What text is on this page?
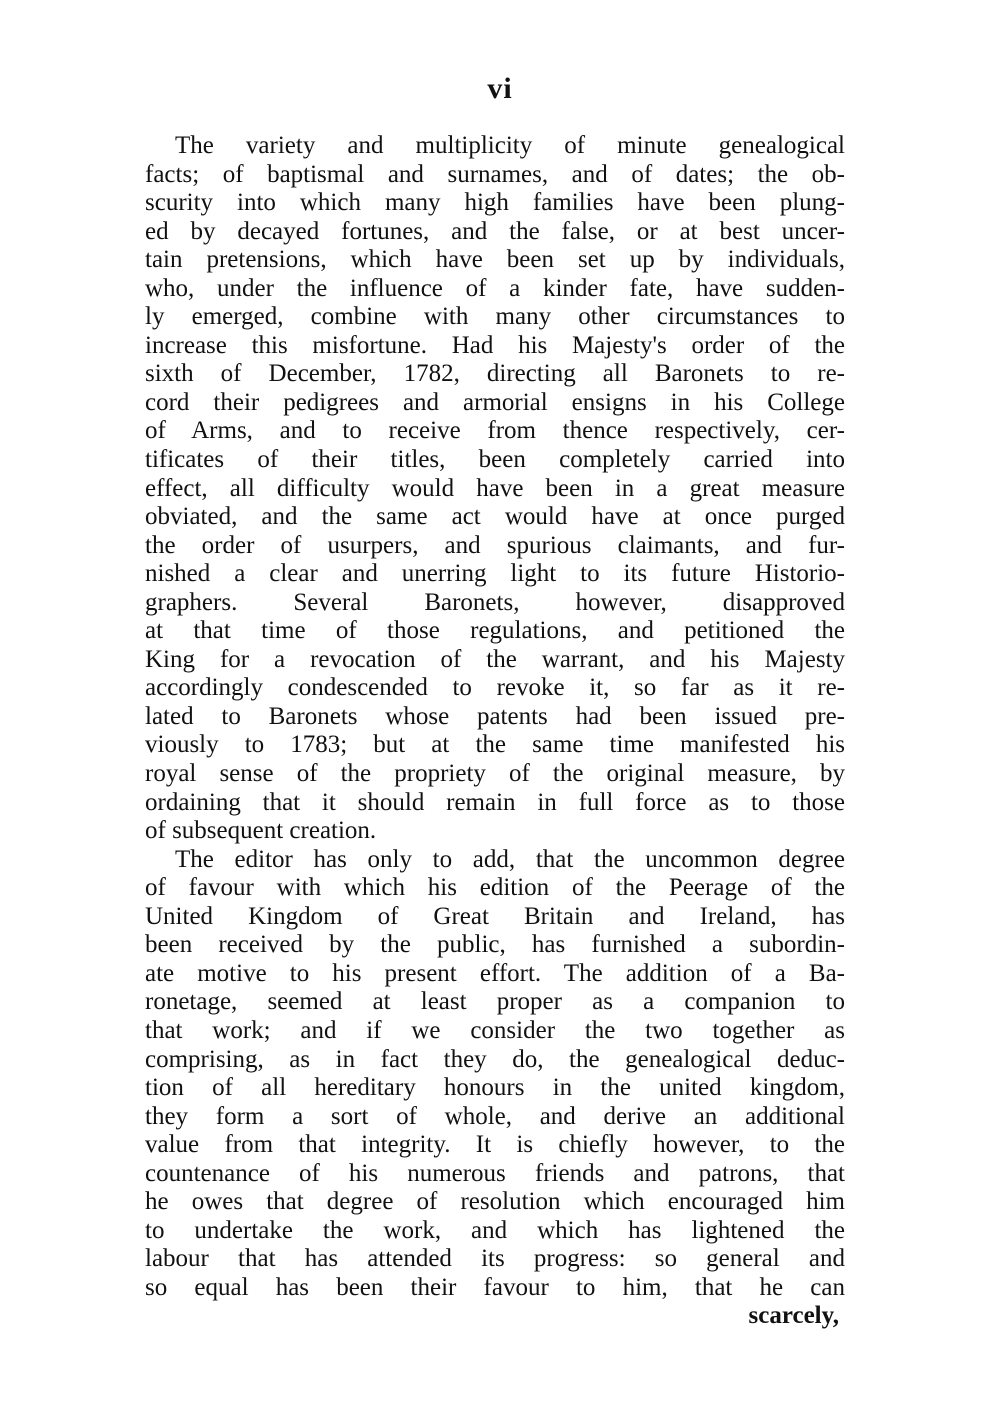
vi
The variety and multiplicity of minute genealogical
facts; of baptismal and surnames, and of dates; the ob-
scurity into which many high families have been plung-
ed by decayed fortunes, and the false, or at best uncer-
tain pretensions, which have been set up by individuals,
who, under the influence of a kinder fate, have sudden-
ly emerged, combine with many other circumstances to
increase this misfortune. Had his Majesty's order of the
sixth of December, 1782, directing all Baronets to re-
cord their pedigrees and armorial ensigns in his College
of Arms, and to receive from thence respectively, cer-
tificates of their titles, been completely carried into
effect, all difficulty would have been in a great measure
obviated, and the same act would have at once purged
the order of usurpers, and spurious claimants, and fur-
nished a clear and unerring light to its future Historio-
graphers. Several Baronets, however, disapproved
at that time of those regulations, and petitioned the
King for a revocation of the warrant, and his Majesty
accordingly condescended to revoke it, so far as it re-
lated to Baronets whose patents had been issued pre-
viously to 1783; but at the same time manifested his
royal sense of the propriety of the original measure, by
ordaining that it should remain in full force as to those
of subsequent creation.
The editor has only to add, that the uncommon degree
of favour with which his edition of the Peerage of the
United Kingdom of Great Britain and Ireland, has
been received by the public, has furnished a subordin-
ate motive to his present effort. The addition of a Ba-
ronetage, seemed at least proper as a companion to
that work; and if we consider the two together as
comprising, as in fact they do, the genealogical deduc-
tion of all hereditary honours in the united kingdom,
they form a sort of whole, and derive an additional
value from that integrity. It is chiefly however, to the
countenance of his numerous friends and patrons, that
he owes that degree of resolution which encouraged him
to undertake the work, and which has lightened the
labour that has attended its progress: so general and
so equal has been their favour to him, that he can
scarcely,
